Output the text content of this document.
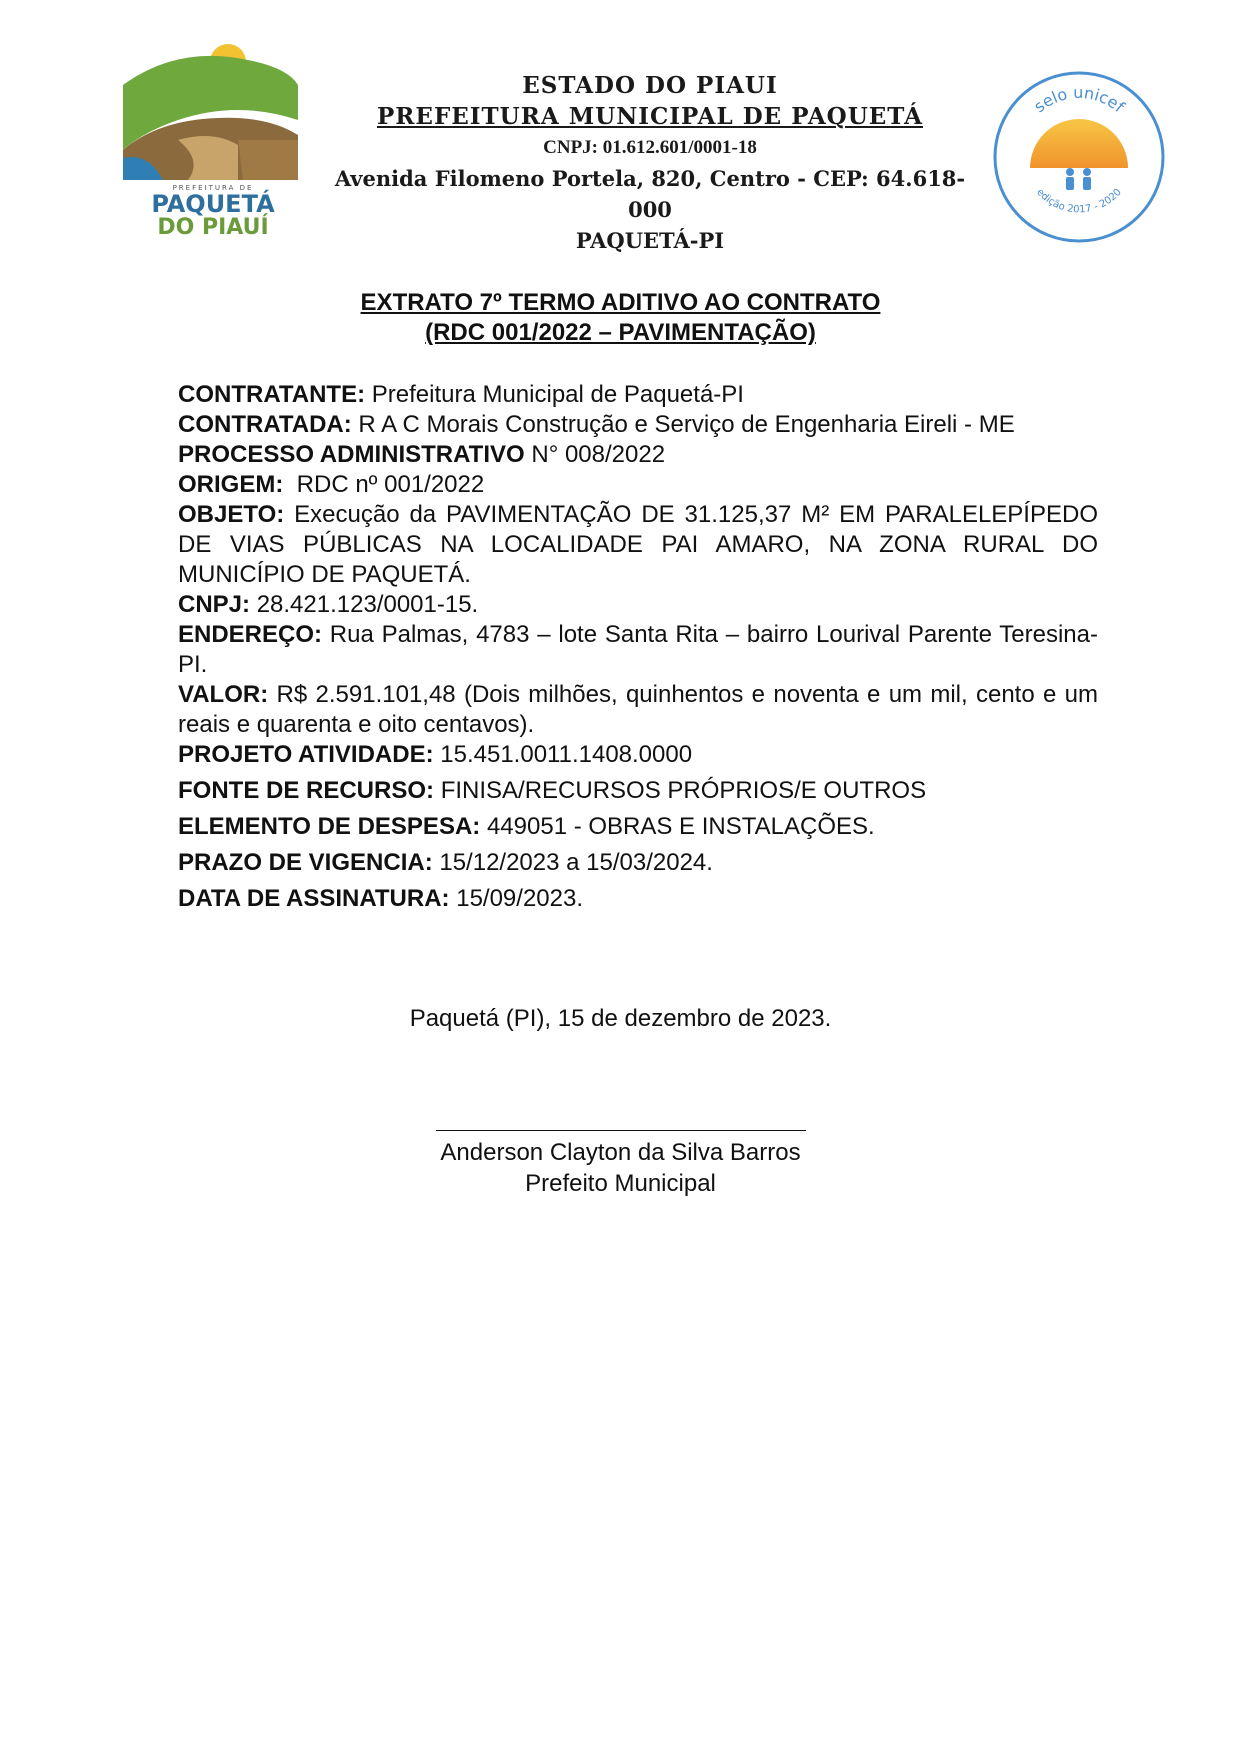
PREFEITURA DE
PAQUETÁ
DO PIAUÍ
ESTADO DO PIAUI
PREFEITURA MUNICIPAL DE PAQUETÁ
CNPJ: 01.612.601/0001-18
Avenida Filomeno Portela, 820, Centro - CEP: 64.618-000
PAQUETÁ-PI
selo unicef
edição 2017 - 2020
EXTRATO 7º TERMO ADITIVO AO CONTRATO
(RDC 001/2022 – PAVIMENTAÇÃO)

CONTRATANTE: Prefeitura Municipal de Paquetá-PI

CONTRATADA: R A C Morais Construção e Serviço de Engenharia Eireli - ME

PROCESSO ADMINISTRATIVO N° 008/2022

ORIGEM: RDC nº 001/2022

OBJETO: Execução da PAVIMENTAÇÃO DE 31.125,37 M² EM PARALELEPÍPEDO DE VIAS PÚBLICAS NA LOCALIDADE PAI AMARO, NA ZONA RURAL DO MUNICÍPIO DE PAQUETÁ.

CNPJ: 28.421.123/0001-15.

ENDEREÇO: Rua Palmas, 4783 – lote Santa Rita – bairro Lourival Parente Teresina-PI.

VALOR: R$ 2.591.101,48 (Dois milhões, quinhentos e noventa e um mil, cento e um reais e quarenta e oito centavos).

PROJETO ATIVIDADE: 15.451.0011.1408.0000

FONTE DE RECURSO: FINISA/RECURSOS PRÓPRIOS/E OUTROS

ELEMENTO DE DESPESA: 449051 - OBRAS E INSTALAÇÕES.

PRAZO DE VIGENCIA: 15/12/2023 a 15/03/2024.

DATA DE ASSINATURA: 15/09/2023.

Paquetá (PI), 15 de dezembro de 2023.
Anderson Clayton da Silva Barros
Prefeito Municipal
